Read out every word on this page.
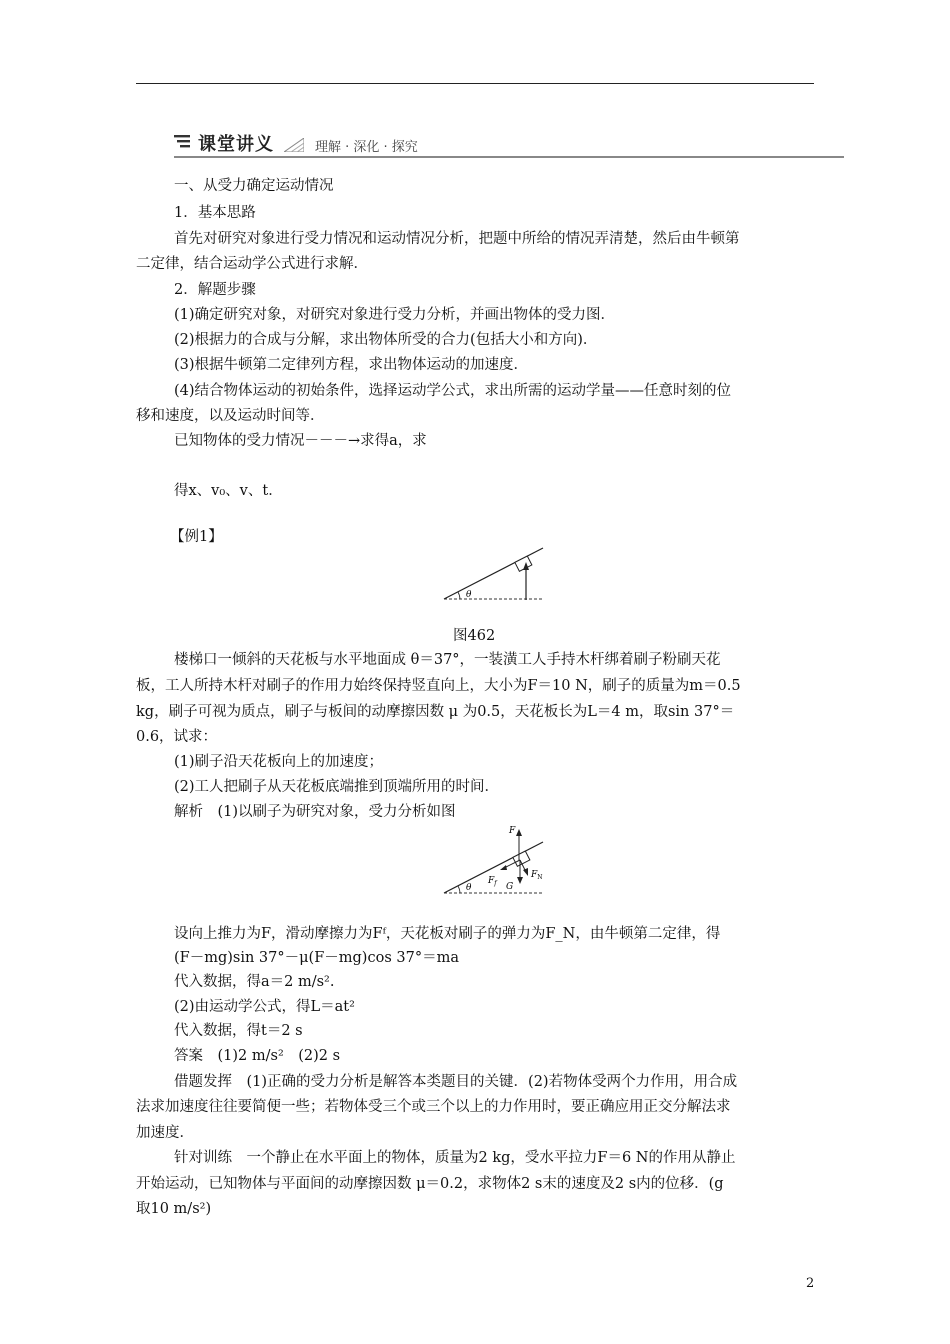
课堂讲义	理解 · 深化 · 探究
一、从受力确定运动情况
1．基本思路
首先对研究对象进行受力情况和运动情况分析，把题中所给的情况弄清楚，然后由牛顿第
二定律，结合运动学公式进行求解．
2．解题步骤
(1)确定研究对象，对研究对象进行受力分析，并画出物体的受力图．
(2)根据力的合成与分解，求出物体所受的合力(包括大小和方向)．
(3)根据牛顿第二定律列方程，求出物体运动的加速度．
(4)结合物体运动的初始条件，选择运动学公式，求出所需的运动学量——任意时刻的位
移和速度，以及运动时间等．
已知物体的受力情况－－－→求得a，求
得x、v₀、v、t．
【例1】
θ
图462
楼梯口一倾斜的天花板与水平地面成 θ＝37°，一装潢工人手持木杆绑着刷子粉刷天花
板，工人所持木杆对刷子的作用力始终保持竖直向上，大小为F＝10 N，刷子的质量为m＝0.5
kg，刷子可视为质点，刷子与板间的动摩擦因数 μ 为0.5，天花板长为L＝4 m，取sin 37°＝
0.6，试求：
(1)刷子沿天花板向上的加速度；
(2)工人把刷子从天花板底端推到顶端所用的时间．
解析　(1)以刷子为研究对象，受力分析如图
θ
F
$F_f$
$F_N$
G
设向上推力为F，滑动摩擦力为Fᶠ，天花板对刷子的弹力为F_N，由牛顿第二定律，得
(F－mg)sin 37°－μ(F－mg)cos 37°＝ma
代入数据，得a＝2 m/s².
(2)由运动学公式，得L＝at²
代入数据，得t＝2 s
答案　(1)2 m/s²　(2)2 s
借题发挥　(1)正确的受力分析是解答本类题目的关键．(2)若物体受两个力作用，用合成
法求加速度往往要简便一些；若物体受三个或三个以上的力作用时，要正确应用正交分解法求
加速度．
针对训练　一个静止在水平面上的物体，质量为2 kg，受水平拉力F＝6 N的作用从静止
开始运动，已知物体与平面间的动摩擦因数 μ＝0.2，求物体2 s末的速度及2 s内的位移．(g
取10 m/s²)
2
